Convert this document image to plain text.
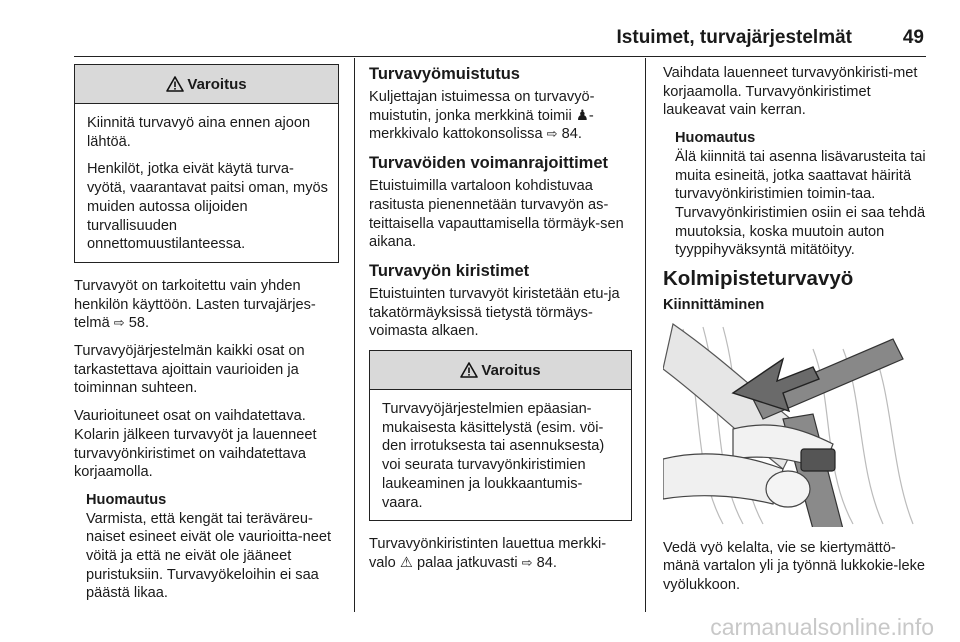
Istuimet, turvajärjestelmät	49
Varoitus

Kiinnitä turvavyö aina ennen ajoon lähtöä.

Henkilöt, jotka eivät käytä turva-vyötä, vaarantavat paitsi oman, myös muiden autossa olijoiden turvallisuuden onnettomuustilanteessa.

Turvavyöt on tarkoitettu vain yhden henkilön käyttöön. Lasten turvajärjes-telmä ⇨ 58.

Turvavyöjärjestelmän kaikki osat on tarkastettava ajoittain vaurioiden ja toiminnan suhteen.

Vaurioituneet osat on vaihdatettava. Kolarin jälkeen turvavyöt ja lauenneet turvavyönkiristimet on vaihdatettava korjaamolla.

Huomautus

Varmista, että kengät tai teräväreu-naiset esineet eivät ole vaurioitta-neet vöitä ja että ne eivät ole jääneet puristuksiin. Turvavyökeloihin ei saa päästä likaa.

Turvavyömuistutus

Kuljettajan istuimessa on turvavyö-muistutin, jonka merkkinä toimii ♟-merkkivalo kattokonsolissa ⇨ 84.

Turvavöiden voimanrajoittimet

Etuistuimilla vartaloon kohdistuvaa rasitusta pienennetään turvavyön as-teittaisella vapauttamisella törmäyk-sen aikana.

Turvavyön kiristimet

Etuistuinten turvavyöt kiristetään etu-ja takatörmäyksissä tietystä törmäys-voimasta alkaen.

Varoitus

Turvavyöjärjestelmien epäasian-mukaisesta käsittelystä (esim. vöi-den irrotuksesta tai asennuksesta) voi seurata turvavyönkiristimien laukeaminen ja loukkaantumis-vaara.

Turvavyönkiristinten lauettua merkki-valo ⚠ palaa jatkuvasti ⇨ 84.

Vaihdata lauenneet turvavyönkiristi-met korjaamolla. Turvavyönkiristimet laukeavat vain kerran.

Huomautus

Älä kiinnitä tai asenna lisävarusteita tai muita esineitä, jotka saattavat häiritä turvavyönkiristimien toimin-taa. Turvavyönkiristimien osiin ei saa tehdä muutoksia, koska muutoin auton tyyppihyväksyntä mitätöityy.

Kolmipisteturvavyö

Kiinnittäminen

Vedä vyö kelalta, vie se kiertymättö-mänä vartalon yli ja työnnä lukkokie-leke vyölukkoon.

carmanualsonline.info
